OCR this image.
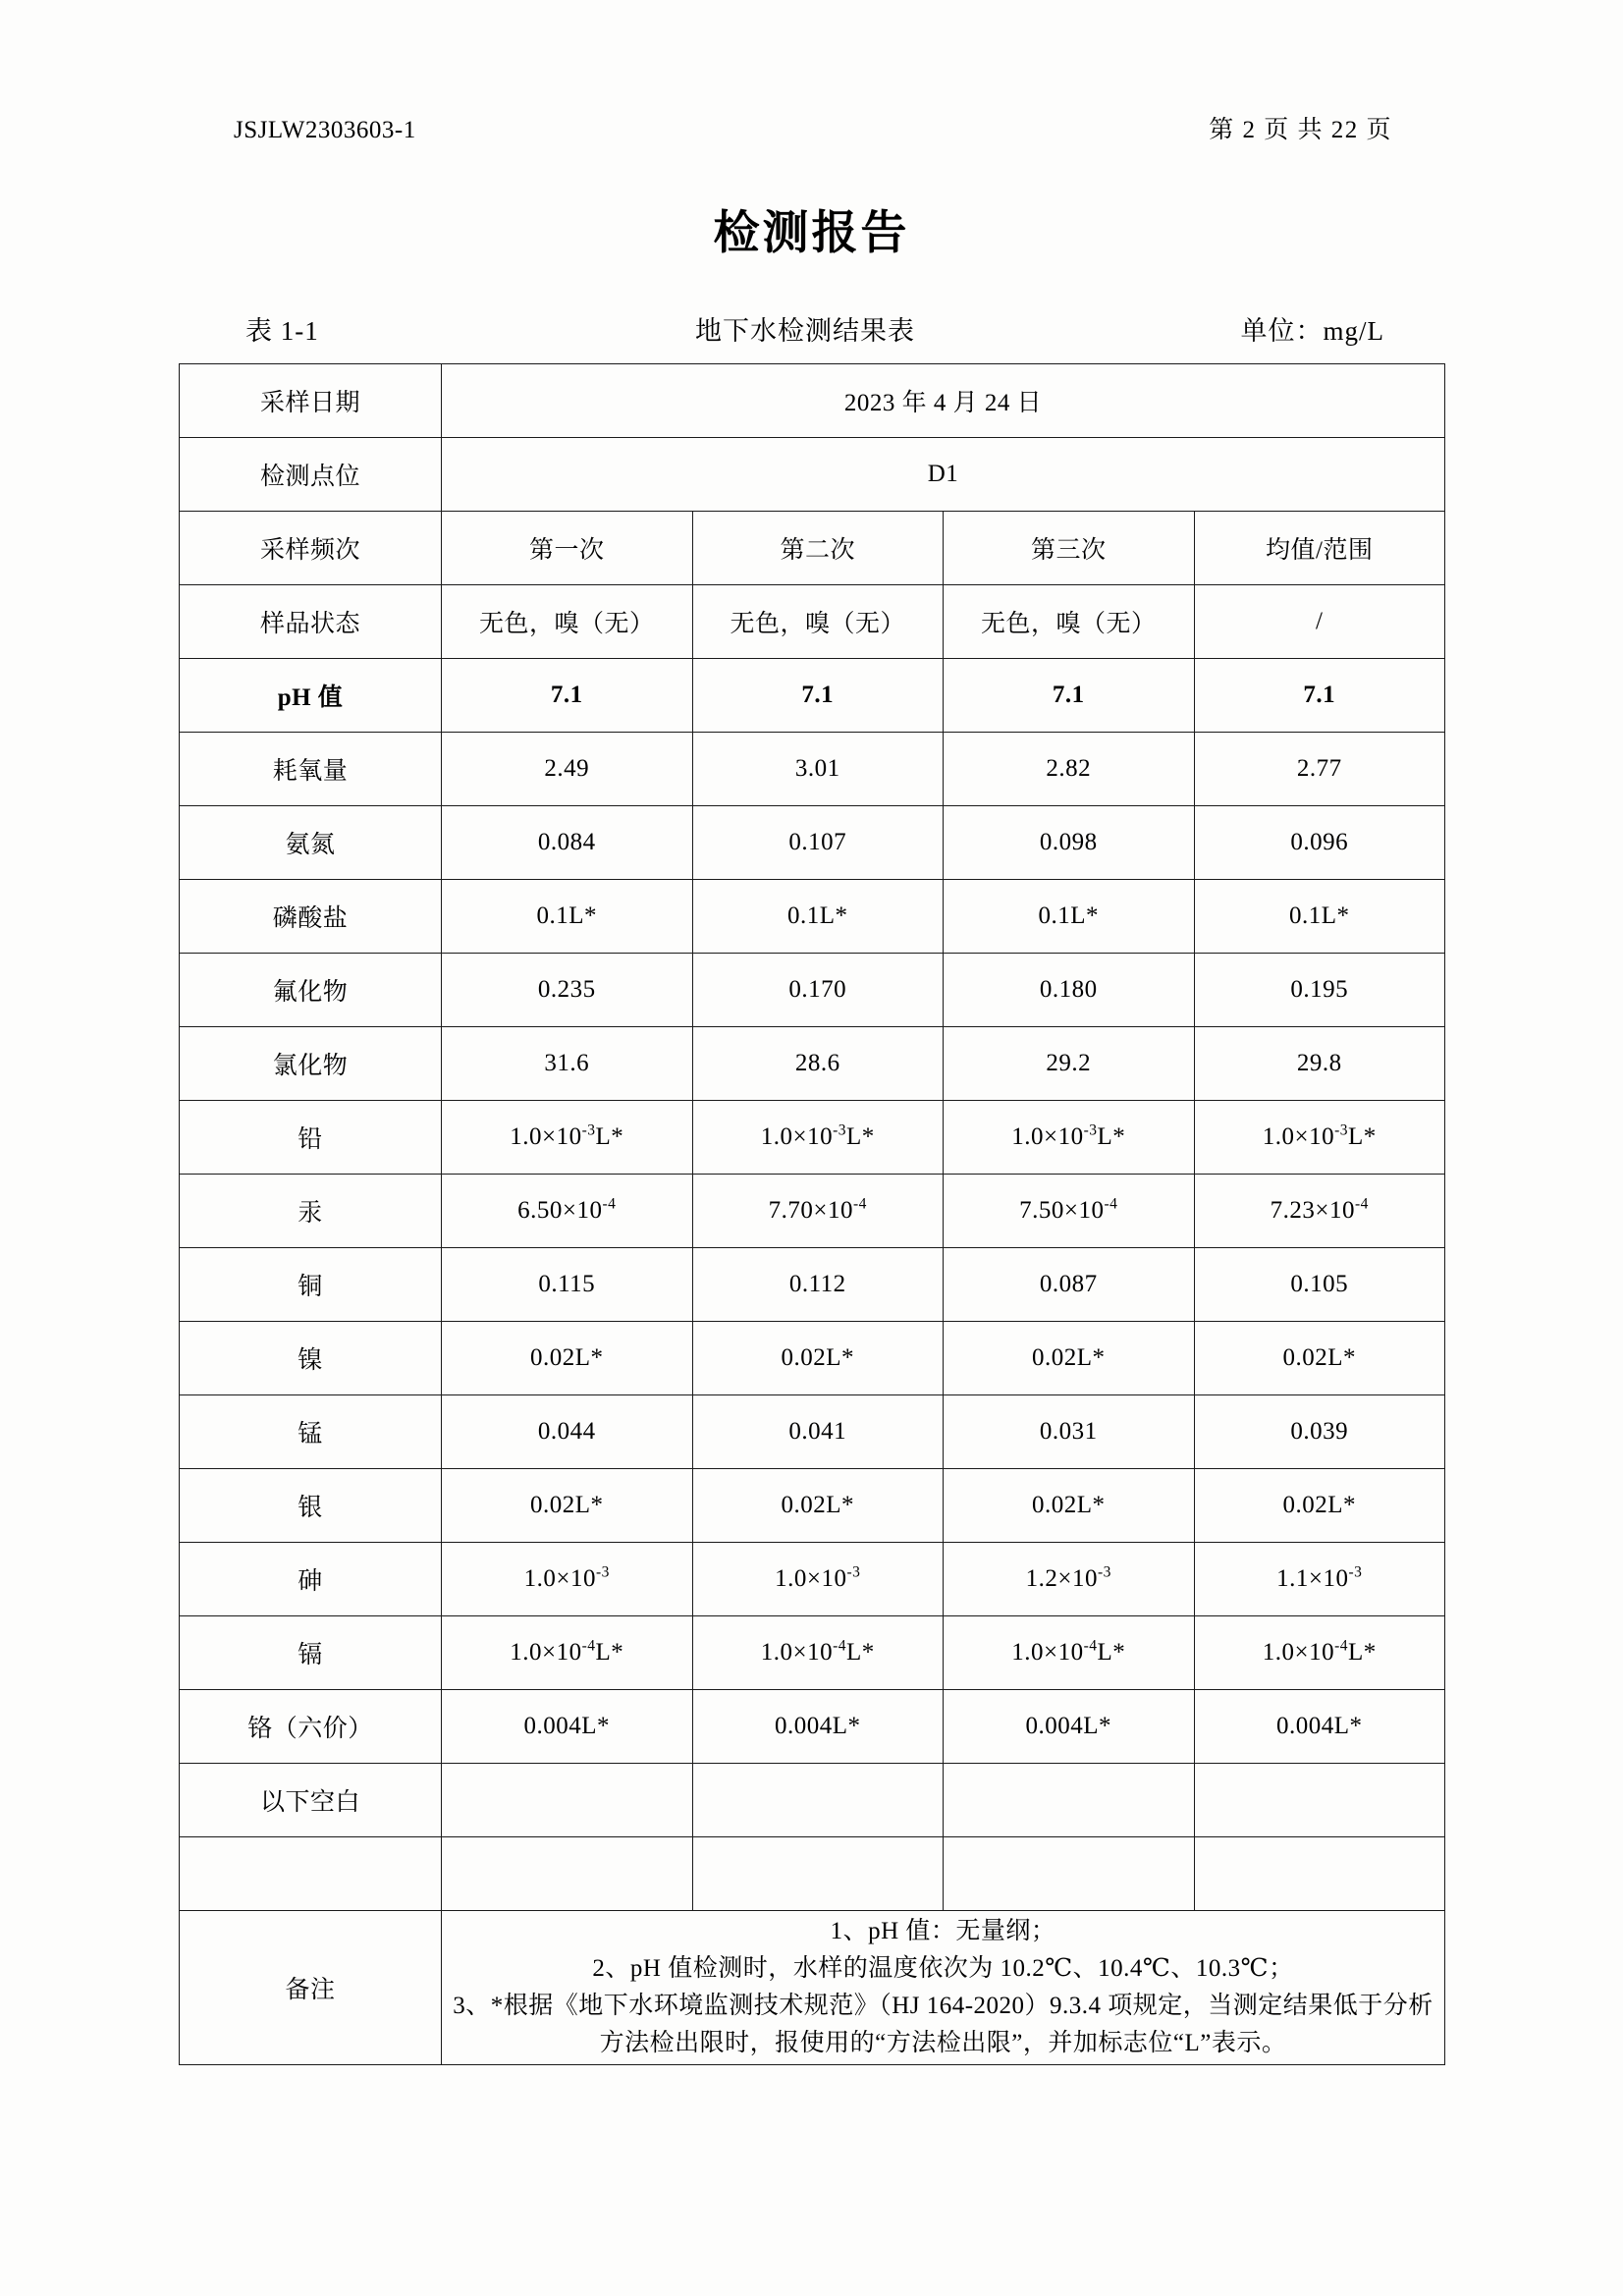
JSJLW2303603-1	第 2 页 共 22 页
检测报告
表 1-1	地下水检测结果表	单位：mg/L
采样日期	2023 年 4 月 24 日			
检测点位	D1			
采样频次	第一次	第二次	第三次	均值/范围
样品状态	无色，嗅（无）	无色，嗅（无）	无色，嗅（无）	/
pH 值	7.1	7.1	7.1	7.1
耗氧量	2.49	3.01	2.82	2.77
氨氮	0.084	0.107	0.098	0.096
磷酸盐	0.1L*	0.1L*	0.1L*	0.1L*
氟化物	0.235	0.170	0.180	0.195
氯化物	31.6	28.6	29.2	29.8
铅	$1.0\times 10^{-3}L*$	$1.0\times 10^{-3}L*$	$1.0\times 10^{-3}L*$	$1.0\times 10^{-3}L*$
汞	$6.50\times 10^{-4}$	$7.70\times 10^{-4}$	$7.50\times 10^{-4}$	$7.23\times 10^{-4}$
铜	0.115	0.112	0.087	0.105
镍	0.02L*	0.02L*	0.02L*	0.02L*
锰	0.044	0.041	0.031	0.039
银	0.02L*	0.02L*	0.02L*	0.02L*
砷	$1.0\times 10^{-3}$	$1.0\times 10^{-3}$	$1.2\times 10^{-3}$	$1.1\times 10^{-3}$
镉	$1.0\times 10^{-4}L*$	$1.0\times 10^{-4}L*$	$1.0\times 10^{-4}L*$	$1.0\times 10^{-4}L*$
铬（六价）	0.004L*	0.004L*	0.004L*	0.004L*
以下空白				

备注	1、pH 值：无量纲；
2、pH 值检测时，水样的温度依次为 10.2℃、10.4℃、10.3℃；
3、*根据《地下水环境监测技术规范》（HJ 164-2020）9.3.4 项规定，当测定结果低于分析方法检出限时，报使用的“方法检出限”，并加标志位“L”表示。			
